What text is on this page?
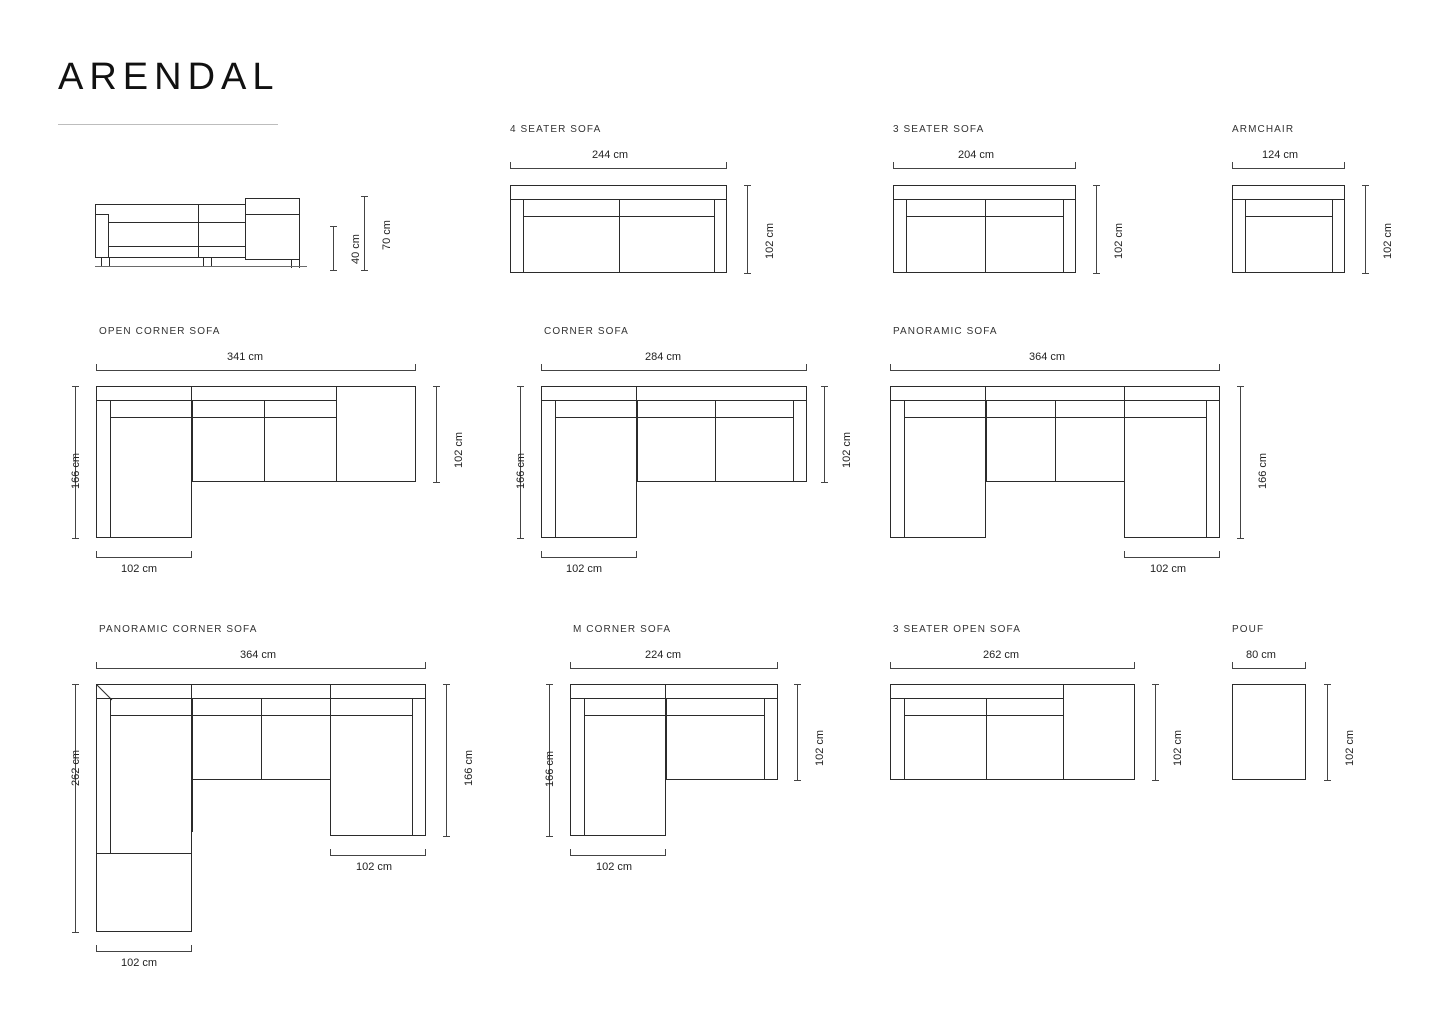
ARENDAL
70 cm
40 cm
4 SEATER SOFA
244 cm
102 cm
3 SEATER SOFA
204 cm
102 cm
ARMCHAIR
124 cm
102 cm
OPEN CORNER SOFA
341 cm
166 cm
102 cm
102 cm
CORNER SOFA
284 cm
166 cm
102 cm
102 cm
PANORAMIC SOFA
364 cm
166 cm
102 cm
PANORAMIC CORNER SOFA
364 cm
262 cm	166 cm
102 cm
102 cm
M CORNER SOFA
224 cm
166 cm
102 cm
102 cm
3 SEATER OPEN SOFA
262 cm
102 cm
POUF
80 cm
102 cm
